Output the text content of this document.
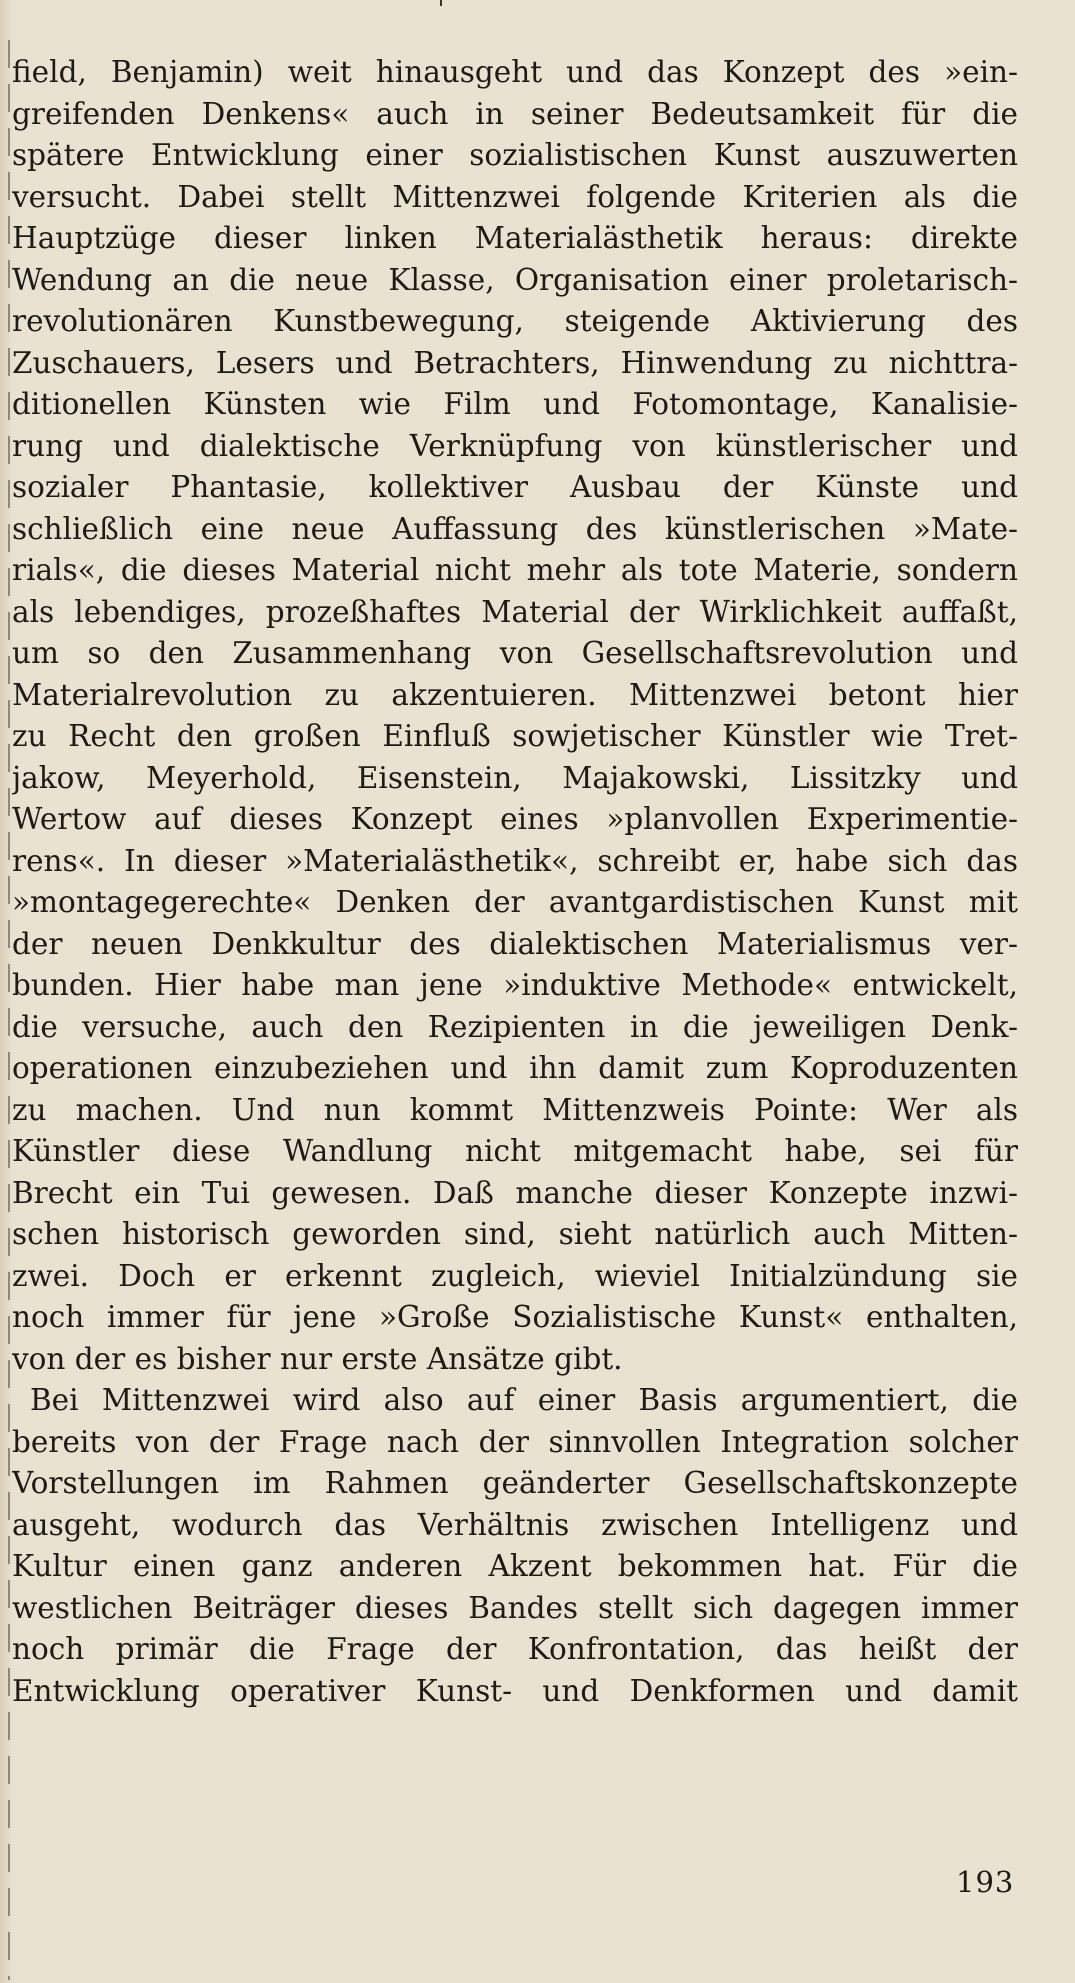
field, Benjamin) weit hinausgeht und das Konzept des »ein-
greifenden Denkens« auch in seiner Bedeutsamkeit für die
spätere Entwicklung einer sozialistischen Kunst auszuwerten
versucht. Dabei stellt Mittenzwei folgende Kriterien als die
Hauptzüge dieser linken Materialästhetik heraus: direkte
Wendung an die neue Klasse, Organisation einer proletarisch-
revolutionären Kunstbewegung, steigende Aktivierung des
Zuschauers, Lesers und Betrachters, Hinwendung zu nichttra-
ditionellen Künsten wie Film und Fotomontage, Kanalisie-
rung und dialektische Verknüpfung von künstlerischer und
sozialer Phantasie, kollektiver Ausbau der Künste und
schließlich eine neue Auffassung des künstlerischen »Mate-
rials«, die dieses Material nicht mehr als tote Materie, sondern
als lebendiges, prozeßhaftes Material der Wirklichkeit auffaßt,
um so den Zusammenhang von Gesellschaftsrevolution und
Materialrevolution zu akzentuieren. Mittenzwei betont hier
zu Recht den großen Einfluß sowjetischer Künstler wie Tret-
jakow, Meyerhold, Eisenstein, Majakowski, Lissitzky und
Wertow auf dieses Konzept eines »planvollen Experimentie-
rens«. In dieser »Materialästhetik«, schreibt er, habe sich das
»montagegerechte« Denken der avantgardistischen Kunst mit
der neuen Denkkultur des dialektischen Materialismus ver-
bunden. Hier habe man jene »induktive Methode« entwickelt,
die versuche, auch den Rezipienten in die jeweiligen Denk-
operationen einzubeziehen und ihn damit zum Koproduzenten
zu machen. Und nun kommt Mittenzweis Pointe: Wer als
Künstler diese Wandlung nicht mitgemacht habe, sei für
Brecht ein Tui gewesen. Daß manche dieser Konzepte inzwi-
schen historisch geworden sind, sieht natürlich auch Mitten-
zwei. Doch er erkennt zugleich, wieviel Initialzündung sie
noch immer für jene »Große Sozialistische Kunst« enthalten,
von der es bisher nur erste Ansätze gibt.
Bei Mittenzwei wird also auf einer Basis argumentiert, die
bereits von der Frage nach der sinnvollen Integration solcher
Vorstellungen im Rahmen geänderter Gesellschaftskonzepte
ausgeht, wodurch das Verhältnis zwischen Intelligenz und
Kultur einen ganz anderen Akzent bekommen hat. Für die
westlichen Beiträger dieses Bandes stellt sich dagegen immer
noch primär die Frage der Konfrontation, das heißt der
Entwicklung operativer Kunst- und Denkformen und damit
193
